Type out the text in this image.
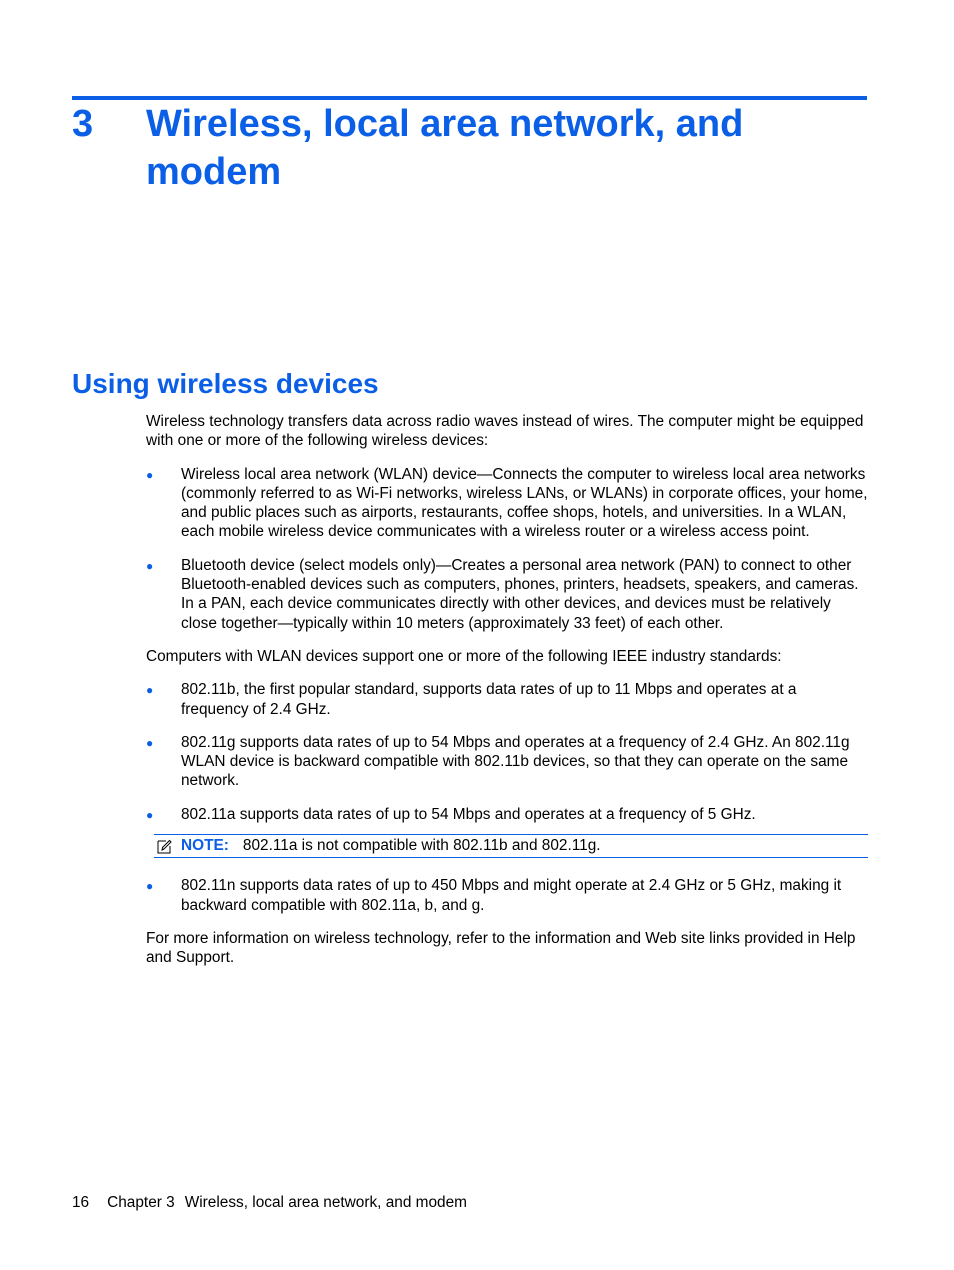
3 Wireless, local area network, and modem
Using wireless devices

Wireless technology transfers data across radio waves instead of wires. The computer might be equipped with one or more of the following wireless devices:

● Wireless local area network (WLAN) device—Connects the computer to wireless local area networks (commonly referred to as Wi-Fi networks, wireless LANs, or WLANs) in corporate offices, your home, and public places such as airports, restaurants, coffee shops, hotels, and universities. In a WLAN, each mobile wireless device communicates with a wireless router or a wireless access point.
● Bluetooth device (select models only)—Creates a personal area network (PAN) to connect to other Bluetooth-enabled devices such as computers, phones, printers, headsets, speakers, and cameras. In a PAN, each device communicates directly with other devices, and devices must be relatively close together—typically within 10 meters (approximately 33 feet) of each other.

Computers with WLAN devices support one or more of the following IEEE industry standards:

● 802.11b, the first popular standard, supports data rates of up to 11 Mbps and operates at a frequency of 2.4 GHz.
● 802.11g supports data rates of up to 54 Mbps and operates at a frequency of 2.4 GHz. An 802.11g WLAN device is backward compatible with 802.11b devices, so that they can operate on the same network.
● 802.11a supports data rates of up to 54 Mbps and operates at a frequency of 5 GHz.
NOTE: 802.11a is not compatible with 802.11b and 802.11g.
● 802.11n supports data rates of up to 450 Mbps and might operate at 2.4 GHz or 5 GHz, making it backward compatible with 802.11a, b, and g.

For more information on wireless technology, refer to the information and Web site links provided in Help and Support.

16 Chapter 3 Wireless, local area network, and modem
